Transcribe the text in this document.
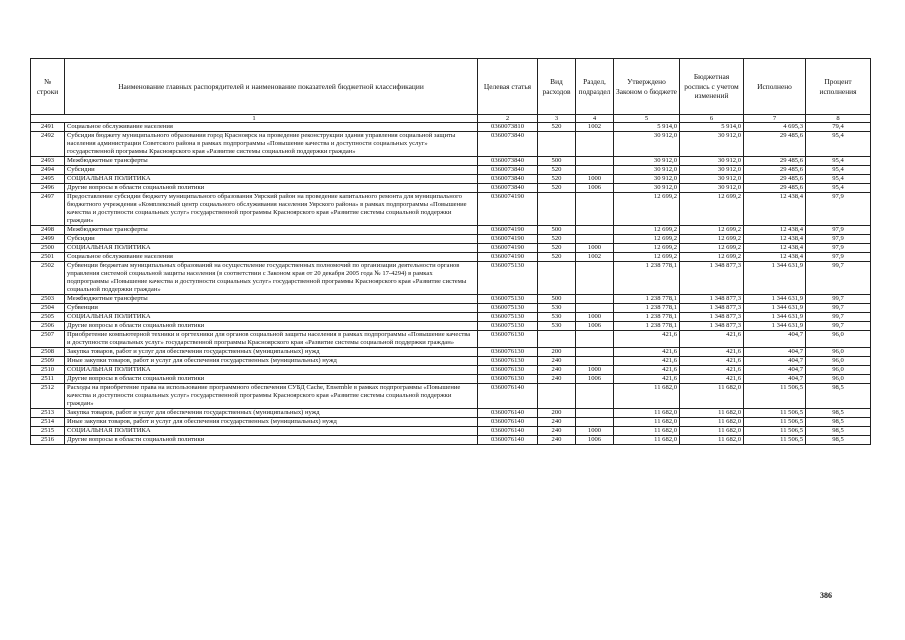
№ строки	Наименование главных распорядителей и наименование показателей бюджетной классификации	Целевая статья	Вид расходов	Раздел, подраздел	Утверждено Законом о бюджете	Бюджетная роспись с учетом изменений	Исполнено	Процент исполнения
1		2	3	4	5	6	7	8
2491	Социальное обслуживание населения	0360073810	520	1002	5 914,0	5 914,0	4 695,3	79,4
2492	Субсидия бюджету муниципального образования город Красноярск на проведение реконструкции здания управления социальной защиты населения администрации Советского района в рамках подпрограммы «Повышение качества и доступности социальных услуг» государственной программы Красноярского края «Развитие системы социальной поддержки граждан»	0360073840			30 912,0	30 912,0	29 485,6	95,4
2493	Межбюджетные трансферты	0360073840	500		30 912,0	30 912,0	29 485,6	95,4
2494	Субсидии	0360073840	520		30 912,0	30 912,0	29 485,6	95,4
2495	СОЦИАЛЬНАЯ ПОЛИТИКА	0360073840	520	1000	30 912,0	30 912,0	29 485,6	95,4
2496	Другие вопросы в области социальной политики	0360073840	520	1006	30 912,0	30 912,0	29 485,6	95,4
2497	Предоставление субсидии бюджету муниципального образования Уярский район на проведение капитального ремонта для муниципального бюджетного учреждения «Комплексный центр социального обслуживания населения Уярского района» в рамках подпрограммы «Повышение качества и доступности социальных услуг» государственной программы Красноярского края «Развитие системы социальной поддержки граждан»	0360074190			12 699,2	12 699,2	12 438,4	97,9
2498	Межбюджетные трансферты	0360074190	500		12 699,2	12 699,2	12 438,4	97,9
2499	Субсидии	0360074190	520		12 699,2	12 699,2	12 438,4	97,9
2500	СОЦИАЛЬНАЯ ПОЛИТИКА	0360074190	520	1000	12 699,2	12 699,2	12 438,4	97,9
2501	Социальное обслуживание населения	0360074190	520	1002	12 699,2	12 699,2	12 438,4	97,9
2502	Субвенции бюджетам муниципальных образований на осуществление государственных полномочий по организации деятельности органов управления системой социальной защиты населения (в соответствии с Законом края от 20 декабря 2005 года № 17-4294) в рамках подпрограммы «Повышение качества и доступности социальных услуг» государственной программы Красноярского края «Развитие системы социальной поддержки граждан»	0360075130			1 238 778,1	1 348 877,3	1 344 631,9	99,7
2503	Межбюджетные трансферты	0360075130	500		1 238 778,1	1 348 877,3	1 344 631,9	99,7
2504	Субвенции	0360075130	530		1 238 778,1	1 348 877,3	1 344 631,9	99,7
2505	СОЦИАЛЬНАЯ ПОЛИТИКА	0360075130	530	1000	1 238 778,1	1 348 877,3	1 344 631,9	99,7
2506	Другие вопросы в области социальной политики	0360075130	530	1006	1 238 778,1	1 348 877,3	1 344 631,9	99,7
2507	Приобретение компьютерной техники и оргтехники для органов социальной защиты населения в рамках подпрограммы «Повышение качества и доступности социальных услуг» государственной программы Красноярского края «Развитие системы социальной поддержки граждан»	0360076130			421,6	421,6	404,7	96,0
2508	Закупка товаров, работ и услуг для обеспечения государственных (муниципальных) нужд	0360076130	200		421,6	421,6	404,7	96,0
2509	Иные закупки товаров, работ и услуг для обеспечения государственных (муниципальных) нужд	0360076130	240		421,6	421,6	404,7	96,0
2510	СОЦИАЛЬНАЯ ПОЛИТИКА	0360076130	240	1000	421,6	421,6	404,7	96,0
2511	Другие вопросы в области социальной политики	0360076130	240	1006	421,6	421,6	404,7	96,0
2512	Расходы на приобретение права на использование программного обеспечения СУБД Cache, Ensemble в рамках подпрограммы «Повышение качества и доступности социальных услуг» государственной программы Красноярского края «Развитие системы социальной поддержки граждан»	0360076140			11 682,0	11 682,0	11 506,5	98,5
2513	Закупка товаров, работ и услуг для обеспечения государственных (муниципальных) нужд	0360076140	200		11 682,0	11 682,0	11 506,5	98,5
2514	Иные закупки товаров, работ и услуг для обеспечения государственных (муниципальных) нужд	0360076140	240		11 682,0	11 682,0	11 506,5	98,5
2515	СОЦИАЛЬНАЯ ПОЛИТИКА	0360076140	240	1000	11 682,0	11 682,0	11 506,5	98,5
2516	Другие вопросы в области социальной политики	0360076140	240	1006	11 682,0	11 682,0	11 506,5	98,5
386
